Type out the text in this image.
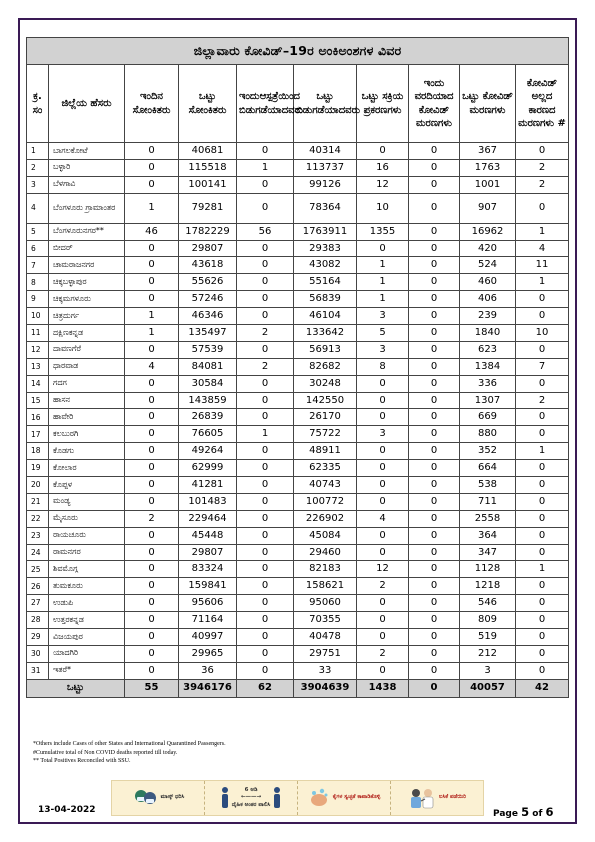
ಜಿಲ್ಲಾವಾರು ಕೋವಿಡ್–19ರ ಅಂಕಿಅಂಶಗಳ ವಿವರ									
ಕ್ರ. ಸಂ	ಜಿಲ್ಲೆಯ ಹೆಸರು	ಇಂದಿನ ಸೋಂಕಿತರು	ಒಟ್ಟು ಸೋಂಕಿತರು	ಇಂದುಆಸ್ಪತ್ರೆಯಿಂದ ಬಿಡುಗಡೆಯಾದವರು	ಒಟ್ಟು ಬಿಡುಗಡೆಯಾದವರು	ಒಟ್ಟು ಸಕ್ರಿಯ ಪ್ರಕರಣಗಳು	ಇಂದು ವರದಿಯಾದ ಕೋವಿಡ್ ಮರಣಗಳು	ಒಟ್ಟು ಕೋವಿಡ್ ಮರಣಗಳು	ಕೋವಿಡ್ ಅಲ್ಲದ ಕಾರಣದ ಮರಣಗಳು #
1	ಬಾಗಲಕೋಟೆ	0	40681	0	40314	0	0	367	0
2	ಬಳ್ಳಾರಿ	0	115518	1	113737	16	0	1763	2
3	ಬೆಳಗಾವಿ	0	100141	0	99126	12	0	1001	2
4	ಬೆಂಗಳೂರು ಗ್ರಾಮಾಂತರ	1	79281	0	78364	10	0	907	0
5	ಬೆಂಗಳೂರುನಗರ**	46	1782229	56	1763911	1355	0	16962	1
6	ಬೀದರ್	0	29807	0	29383	0	0	420	4
7	ಚಾಮರಾಜನಗರ	0	43618	0	43082	1	0	524	11
8	ಚಿಕ್ಕಬಳ್ಳಾಪುರ	0	55626	0	55164	1	0	460	1
9	ಚಿಕ್ಕಮಗಳೂರು	0	57246	0	56839	1	0	406	0
10	ಚಿತ್ರದುರ್ಗ	1	46346	0	46104	3	0	239	0
11	ದಕ್ಷಿಣಕನ್ನಡ	1	135497	2	133642	5	0	1840	10
12	ದಾವಣಗೆರೆ	0	57539	0	56913	3	0	623	0
13	ಧಾರವಾಡ	4	84081	2	82682	8	0	1384	7
14	ಗದಗ	0	30584	0	30248	0	0	336	0
15	ಹಾಸನ	0	143859	0	142550	0	0	1307	2
16	ಹಾವೇರಿ	0	26839	0	26170	0	0	669	0
17	ಕಲಬುರಗಿ	0	76605	1	75722	3	0	880	0
18	ಕೊಡಗು	0	49264	0	48911	0	0	352	1
19	ಕೋಲಾರ	0	62999	0	62335	0	0	664	0
20	ಕೊಪ್ಪಳ	0	41281	0	40743	0	0	538	0
21	ಮಂಡ್ಯ	0	101483	0	100772	0	0	711	0
22	ಮೈಸೂರು	2	229464	0	226902	4	0	2558	0
23	ರಾಯಚೂರು	0	45448	0	45084	0	0	364	0
24	ರಾಮನಗರ	0	29807	0	29460	0	0	347	0
25	ಶಿವಮೊಗ್ಗ	0	83324	0	82183	12	0	1128	1
26	ತುಮಕೂರು	0	159841	0	158621	2	0	1218	0
27	ಉಡುಪಿ	0	95606	0	95060	0	0	546	0
28	ಉತ್ತರಕನ್ನಡ	0	71164	0	70355	0	0	809	0
29	ವಿಜಯಪುರ	0	40997	0	40478	0	0	519	0
30	ಯಾದಗಿರಿ	0	29965	0	29751	2	0	212	0
31	ಇತರೆ*	0	36	0	33	0	0	3	0
ಒಟ್ಟು		55	3946176	62	3904639	1438	0	40057	42
*Others include Cases of other States and International Quarantined Passengers.
#Cumulative total of Non COVID deaths reported till today.
** Total Positives Reconciled with SSU.
ಮಾಸ್ಕ್ ಧರಿಸಿ
6 ಅಡಿ
←——→
ದೈಹಿಕ ಅಂತರ ಪಾಲಿಸಿ
ಕೈಗಳ ಸ್ವಚ್ಛತೆ ಕಾಪಾಡಿಕೊಳ್ಳಿ	ಲಸಿಕೆ ಪಡೆಯಿರಿ
13-04-2022	Page 5 of 6
